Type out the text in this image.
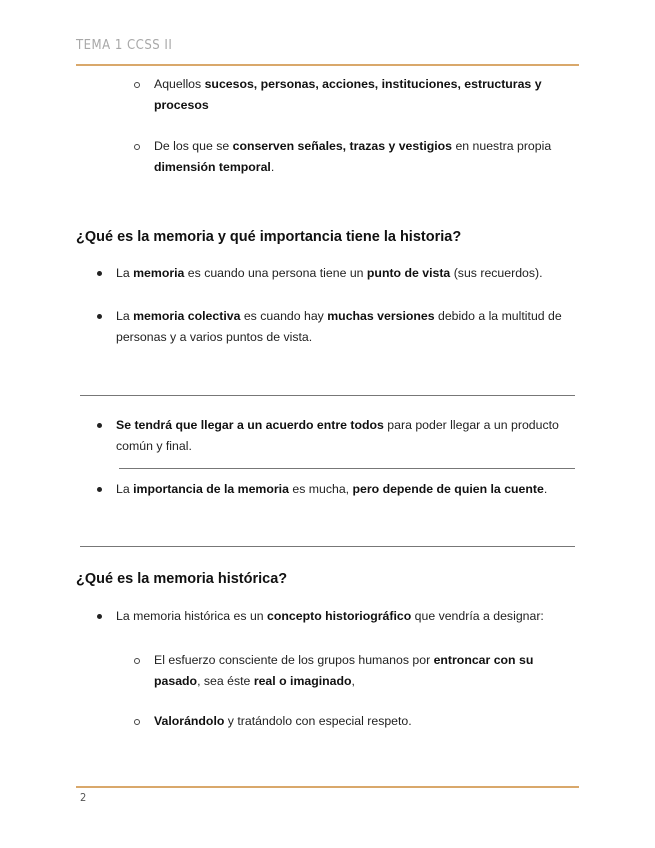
TEMA 1 CCSS II
Aquellos sucesos, personas, acciones, instituciones, estructuras y procesos
De los que se conserven señales, trazas y vestigios en nuestra propia dimensión temporal.
¿Qué es la memoria y qué importancia tiene la historia?
La memoria es cuando una persona tiene un punto de vista (sus recuerdos).
La memoria colectiva es cuando hay muchas versiones debido a la multitud de personas y a varios puntos de vista.
Se tendrá que llegar a un acuerdo entre todos para poder llegar a un producto común y final.
La importancia de la memoria es mucha, pero depende de quien la cuente.
¿Qué es la memoria histórica?
La memoria histórica es un concepto historiográfico que vendría a designar:
El esfuerzo consciente de los grupos humanos por entroncar con su pasado, sea éste real o imaginado,
Valorándolo y tratándolo con especial respeto.
2
